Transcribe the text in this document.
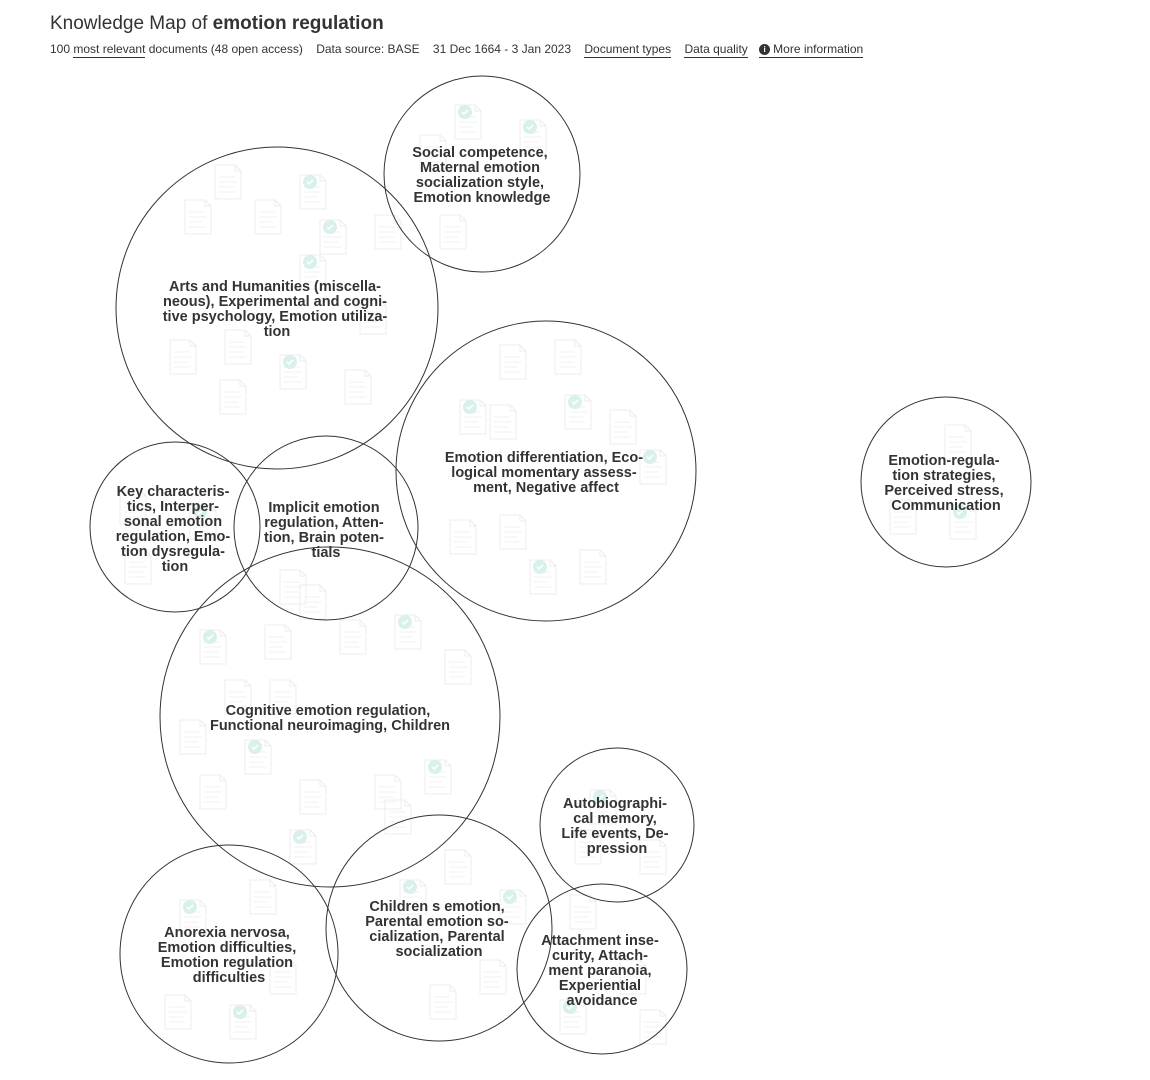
Knowledge Map of emotion regulation
100 most relevant documents (48 open access) Data source: BASE 31 Dec 1664 - 3 Jan 2023 Document types Data quality i More information
Social competence, Maternal emotion socialization style, Emotion knowledge
Arts and Humanities (miscella- neous), Experimental and cogni- tive psychology, Emotion utiliza- tion
Emotion differentiation, Eco- logical momentary assess- ment, Negative affect
Emotion-regula- tion strategies, Perceived stress, Communication
Key characteris- tics, Interper- sonal emotion regulation, Emo- tion dysregula- tion
Implicit emotion regulation, Atten- tion, Brain poten- tials
Cognitive emotion regulation, Functional neuroimaging, Children
Autobiographi- cal memory, Life events, De- pression
Anorexia nervosa, Emotion difficulties, Emotion regulation difficulties
Children s emotion, Parental emotion so- cialization, Parental socialization
Attachment inse- curity, Attach- ment paranoia, Experiential avoidance
